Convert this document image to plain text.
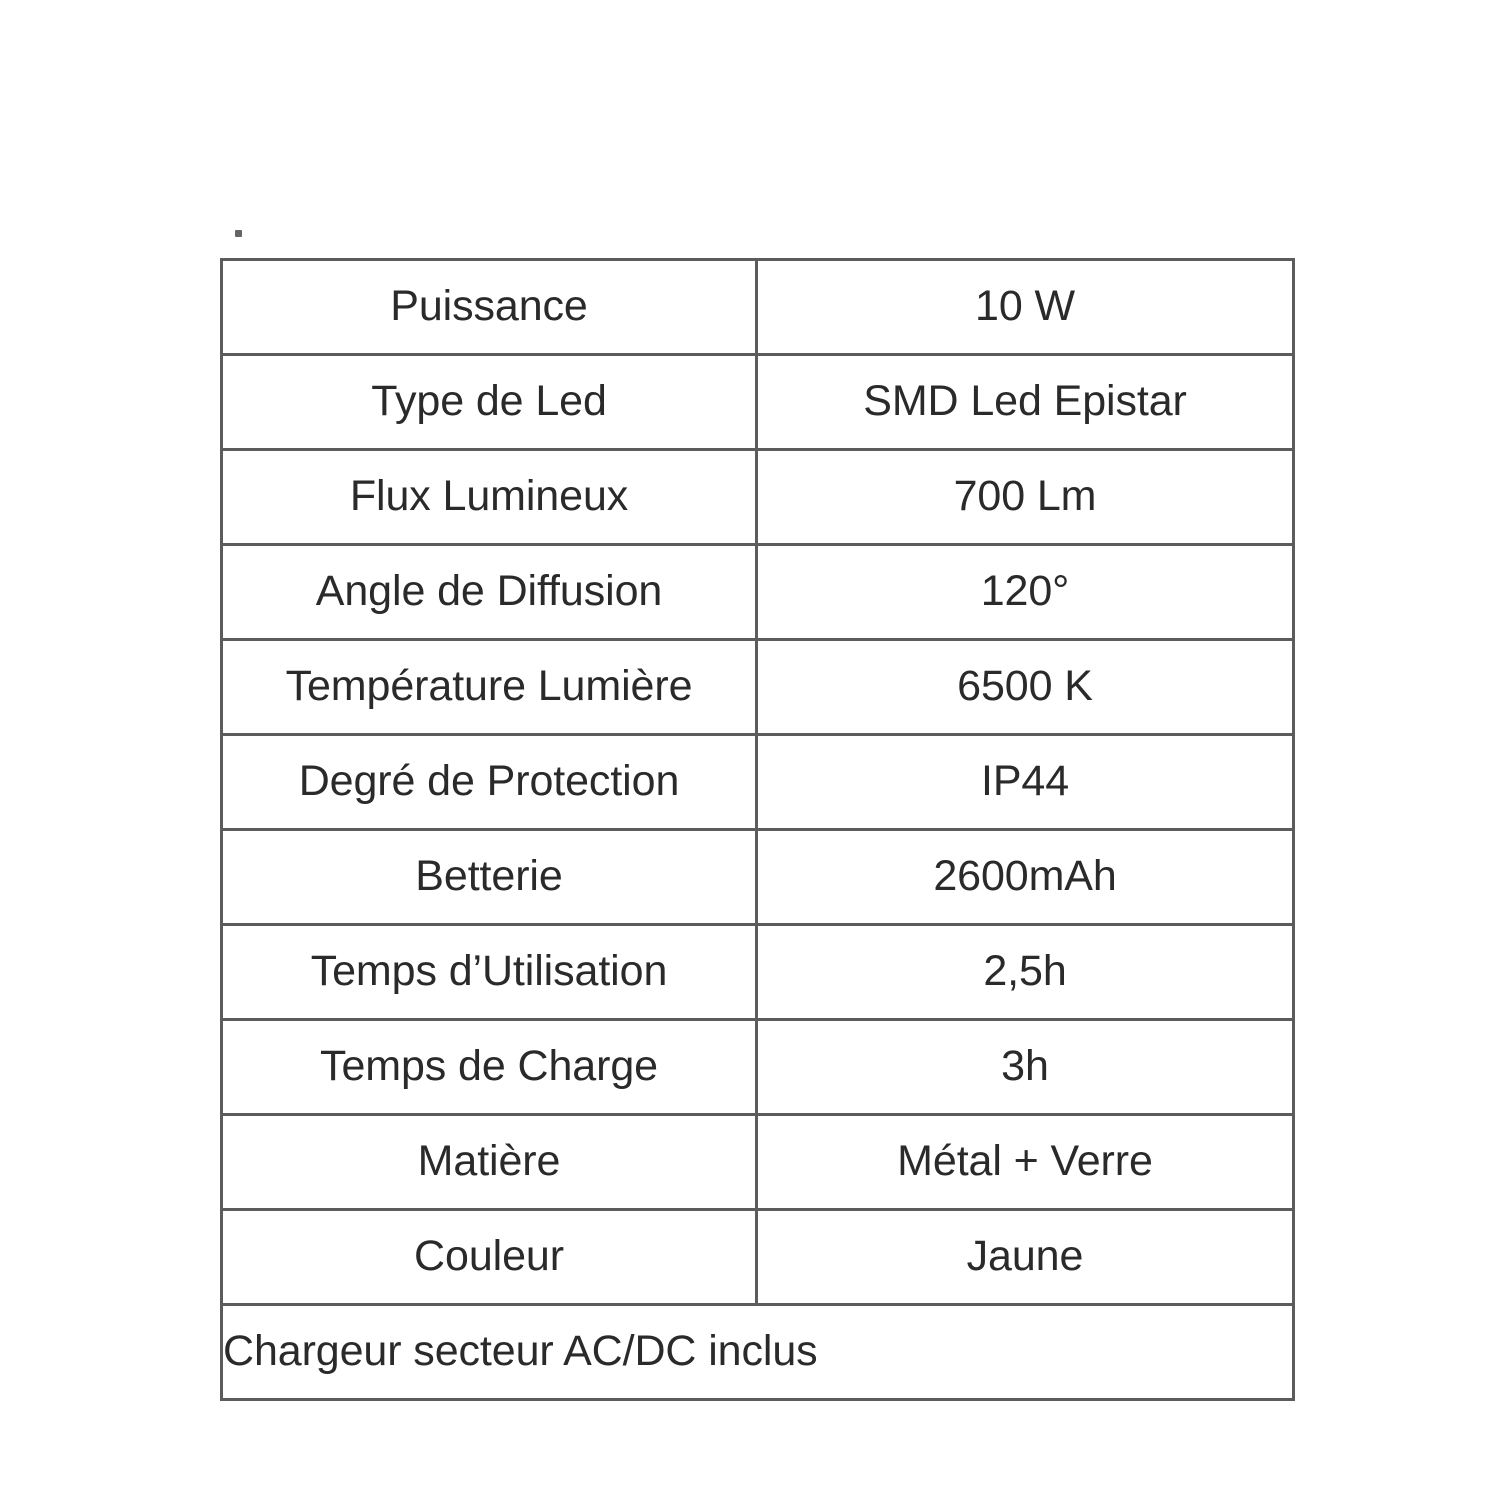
Puissance	10 W
Type de Led	SMD Led Epistar
Flux Lumineux	700 Lm
Angle de Diffusion	120°
Température Lumière	6500 K
Degré de Protection	IP44
Betterie	2600mAh
Temps d’Utilisation	2,5h
Temps de Charge	3h
Matière	Métal + Verre
Couleur	Jaune
Chargeur secteur AC/DC inclus	
